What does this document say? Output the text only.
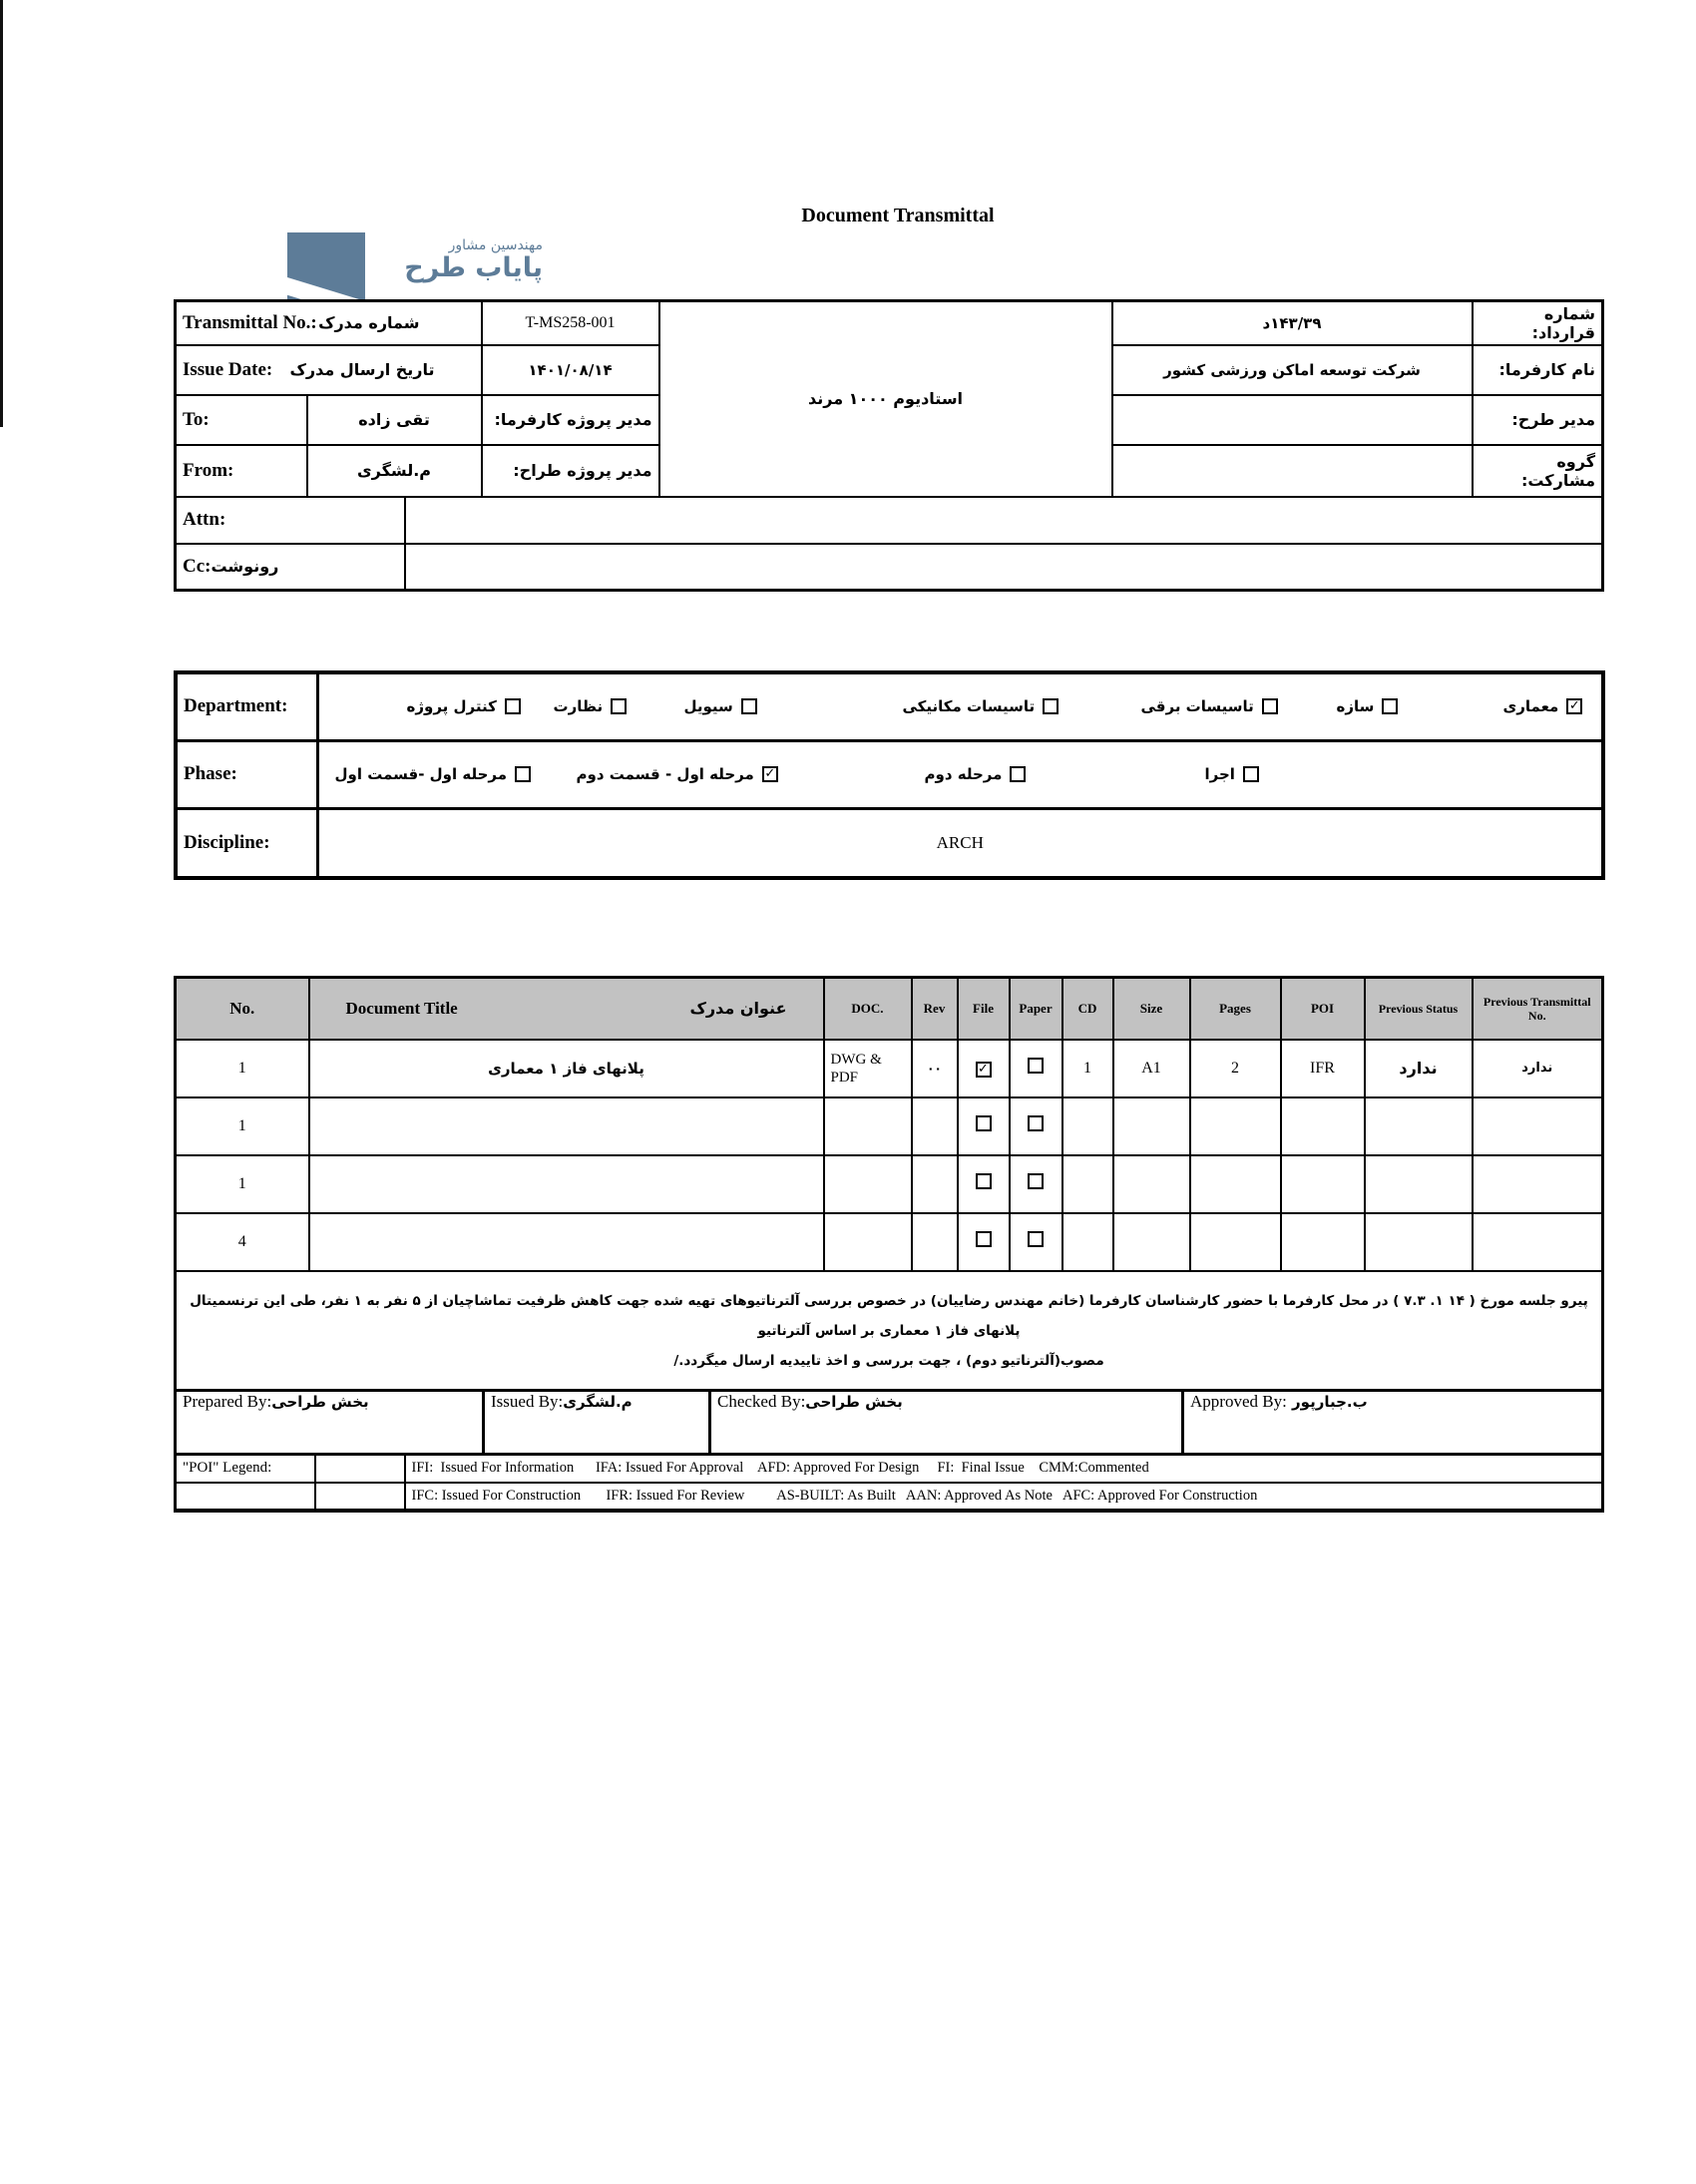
مهندسین مشاور
پایاب طرح
Document Transmittal
Transmittal No.: شماره مدرک			T-MS258-001	استادیوم ۱۰۰۰ مرند	۱۴۳/۳۹د	شماره قرارداد:

Issue Date: تاریخ ارسال مدرک			۱۴۰۱/۰۸/۱۴		شرکت توسعه اماکن ورزشی کشور	نام کارفرما:
To:	تقی زاده		مدیر پروژه کارفرما:			مدیر طرح:
From:	م.لشگری		مدیر پروژه طراح:			گروه مشارکت:
Attn:						
Cc:رونوشت						
Department:	معماری ✓
سازه
تاسیسات برقی
تاسیسات مکانیکی
سیویل
نظارت
کنترل پروژه

Phase:	مرحله اول -قسمت اول مرحله اول - قسمت دوم ✓ مرحله دوم اجرا

Discipline:	ARCH
No.	Document Title عنوان مدرک	DOC.	Rev	File	Paper	CD	Size	Pages	POI	Previous Status	Previous Transmittal No.
1	پلانهای فاز ۱ معماری	DWG & PDF	۰۰	✓		1	A1	2	IFR	ندارد	ندارد
1											
1											
4											

پیرو جلسه مورخ ( ۱۴ ۱. ۷.۳ ) در محل کارفرما با حضور کارشناسان کارفرما (خانم مهندس رضاییان) در خصوص بررسی آلترناتیوهای تهیه شده جهت کاهش ظرفیت تماشاچیان از ۵ نفر به ۱ نفر، طی این ترنسمیتال پلانهای فاز ۱ معماری بر اساس آلترناتیو
مصوب(آلترناتیو دوم) ، جهت بررسی و اخذ تاییدیه ارسال میگردد./											
Prepared By:بخش طراحی	Issued By:م.لشگری	Checked By:بخش طراحی	Approved By: ب.جبارپور
"POI" Legend:		IFI:  Issued For Information      IFA: Issued For Approval    AFD: Approved For Design     FI:  Final Issue    CMM:Commented
		IFC: Issued For Construction       IFR: Issued For Review         AS-BUILT: As Built   AAN: Approved As Note   AFC: Approved For Construction
